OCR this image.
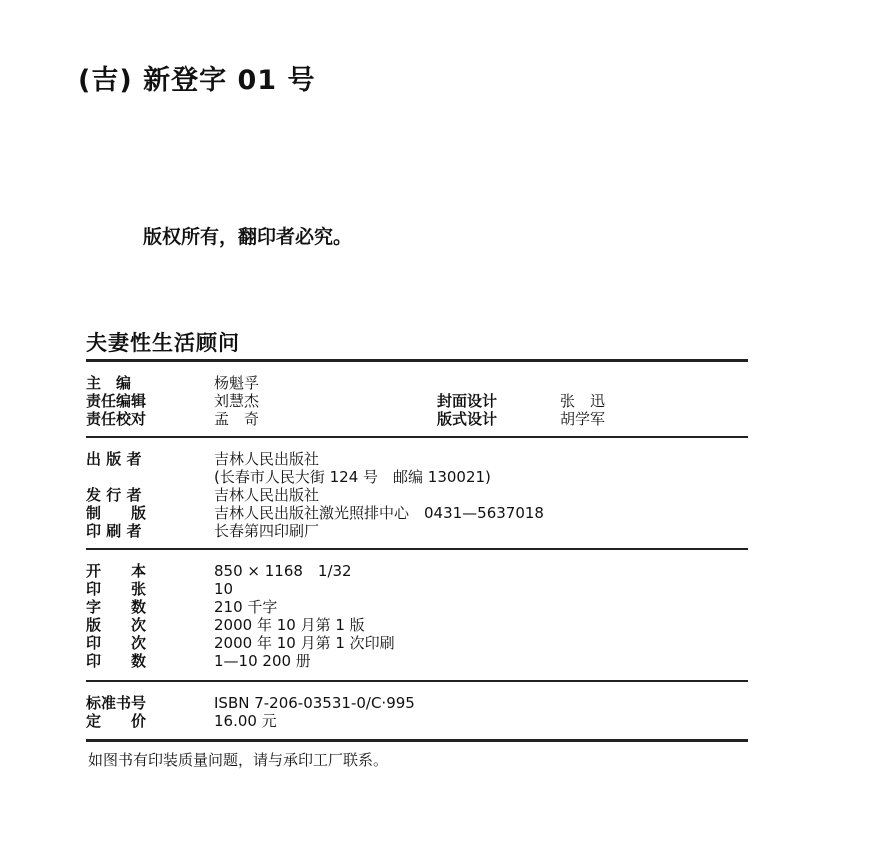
(吉) 新登字 01 号
版权所有，翻印者必究。
夫妻性生活顾问
主　编	杨魁孚
责任编辑	刘慧杰	封面设计	张　迅
责任校对	孟　奇	版式设计	胡学军
出 版 者	吉林人民出版社
(长春市人民大街 124 号　邮编 130021)
发 行 者	吉林人民出版社
制　　版	吉林人民出版社激光照排中心　0431—5637018
印 刷 者	长春第四印刷厂
开　　本	850 × 1168　1/32
印　　张	10
字　　数	210 千字
版　　次	2000 年 10 月第 1 版
印　　次	2000 年 10 月第 1 次印刷
印　　数	1—10 200 册
标准书号	ISBN 7-206-03531-0/C·995
定　　价	16.00 元
如图书有印装质量问题，请与承印工厂联系。
